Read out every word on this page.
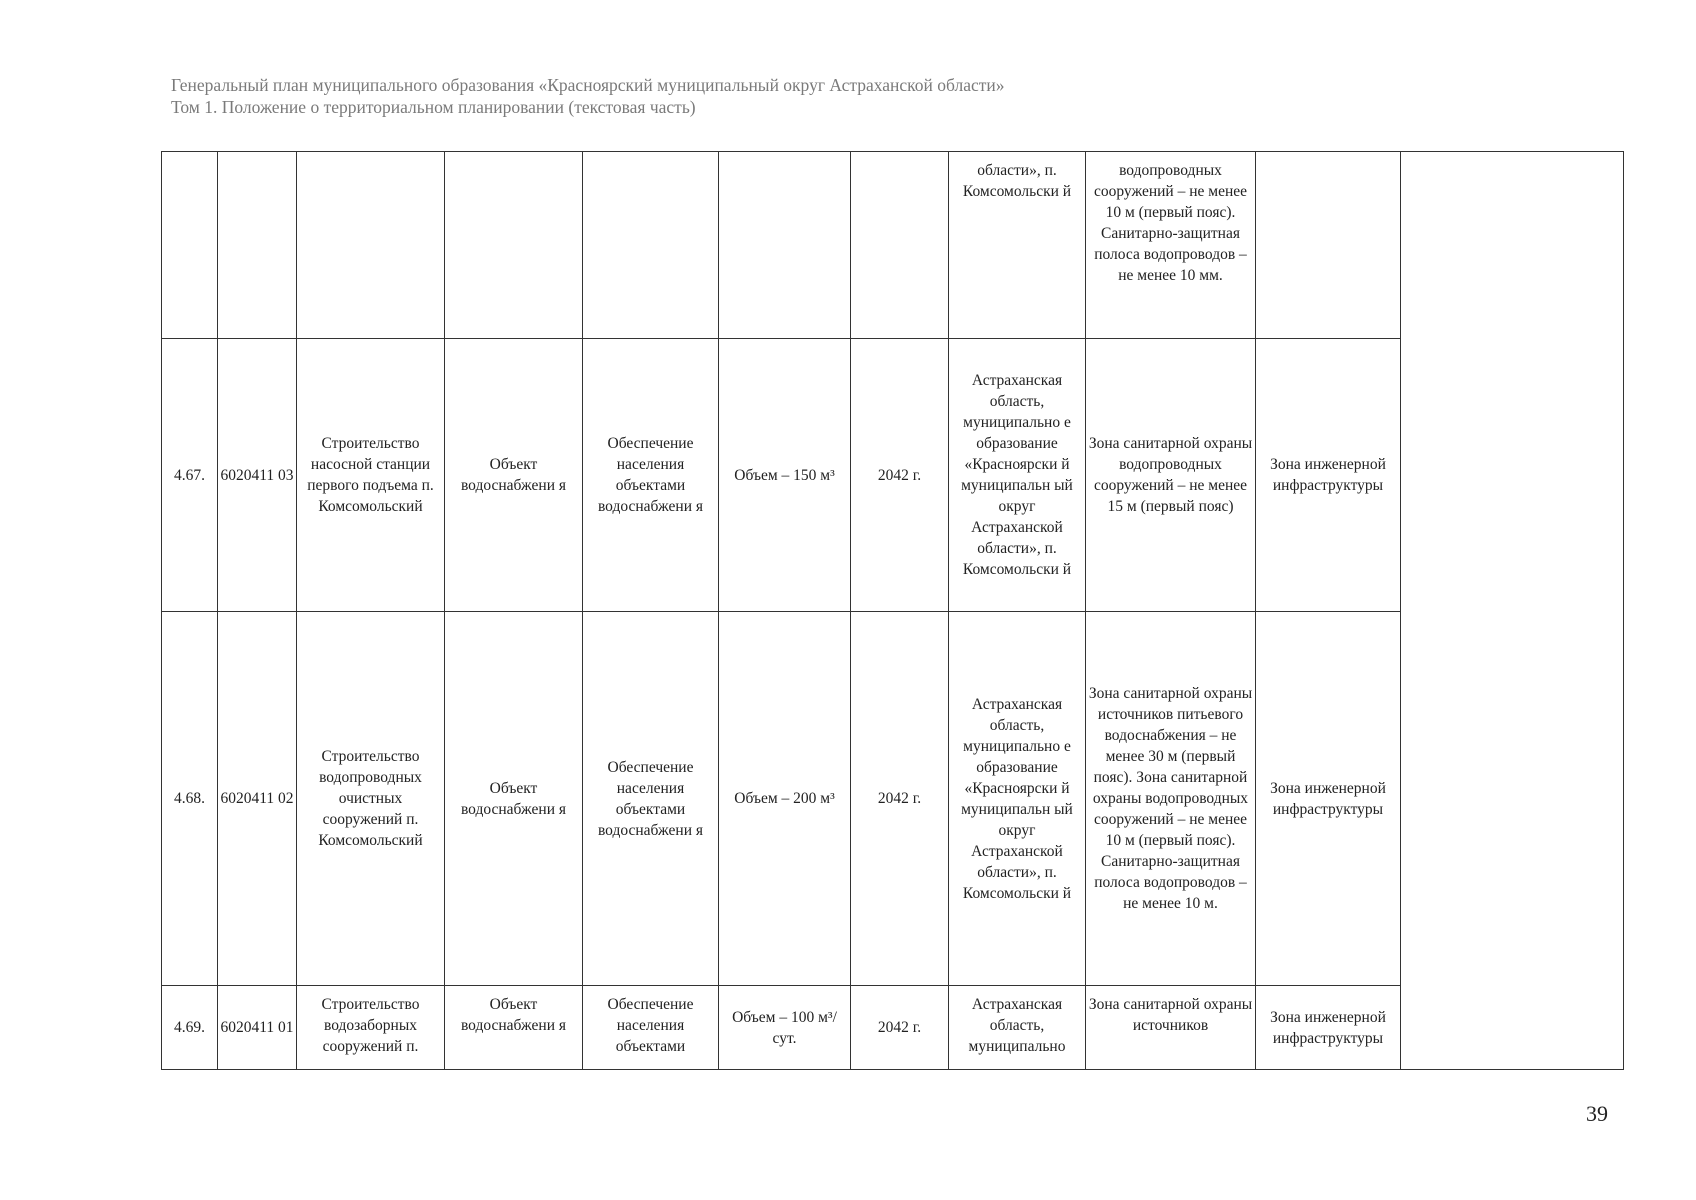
Генеральный план муниципального образования «Красноярский муниципальный округ Астраханской области»
Том 1. Положение о территориальном планировании (текстовая часть)
							области», п. Комсомольски й	водопроводных сооружений – не менее 10 м (первый пояс). Санитарно-защитная полоса водопроводов – не менее 10 мм.		
4.67.	6020411 03	Строительство насосной станции первого подъема п. Комсомольский	Объект водоснабжени я	Обеспечение населения объектами водоснабжени я	Объем – 150 м³	2042 г.	Астраханская область, муниципально е образование «Красноярски й муниципальн ый округ Астраханской области», п. Комсомольски й	Зона санитарной охраны водопроводных сооружений – не менее 15 м (первый пояс)	Зона инженерной инфраструктуры	
4.68.	6020411 02	Строительство водопроводных очистных сооружений п. Комсомольский	Объект водоснабжени я	Обеспечение населения объектами водоснабжени я	Объем – 200 м³	2042 г.	Астраханская область, муниципально е образование «Красноярски й муниципальн ый округ Астраханской области», п. Комсомольски й	Зона санитарной охраны источников питьевого водоснабжения – не менее 30 м (первый пояс). Зона санитарной охраны водопроводных сооружений – не менее 10 м (первый пояс). Санитарно-защитная полоса водопроводов – не менее 10 м.	Зона инженерной инфраструктуры	
4.69.	6020411 01	Строительство водозаборных сооружений п.	Объект водоснабжени я	Обеспечение населения объектами	Объем – 100 м³/сут.	2042 г.	Астраханская область, муниципально	Зона санитарной охраны источников	Зона инженерной инфраструктуры	
39
